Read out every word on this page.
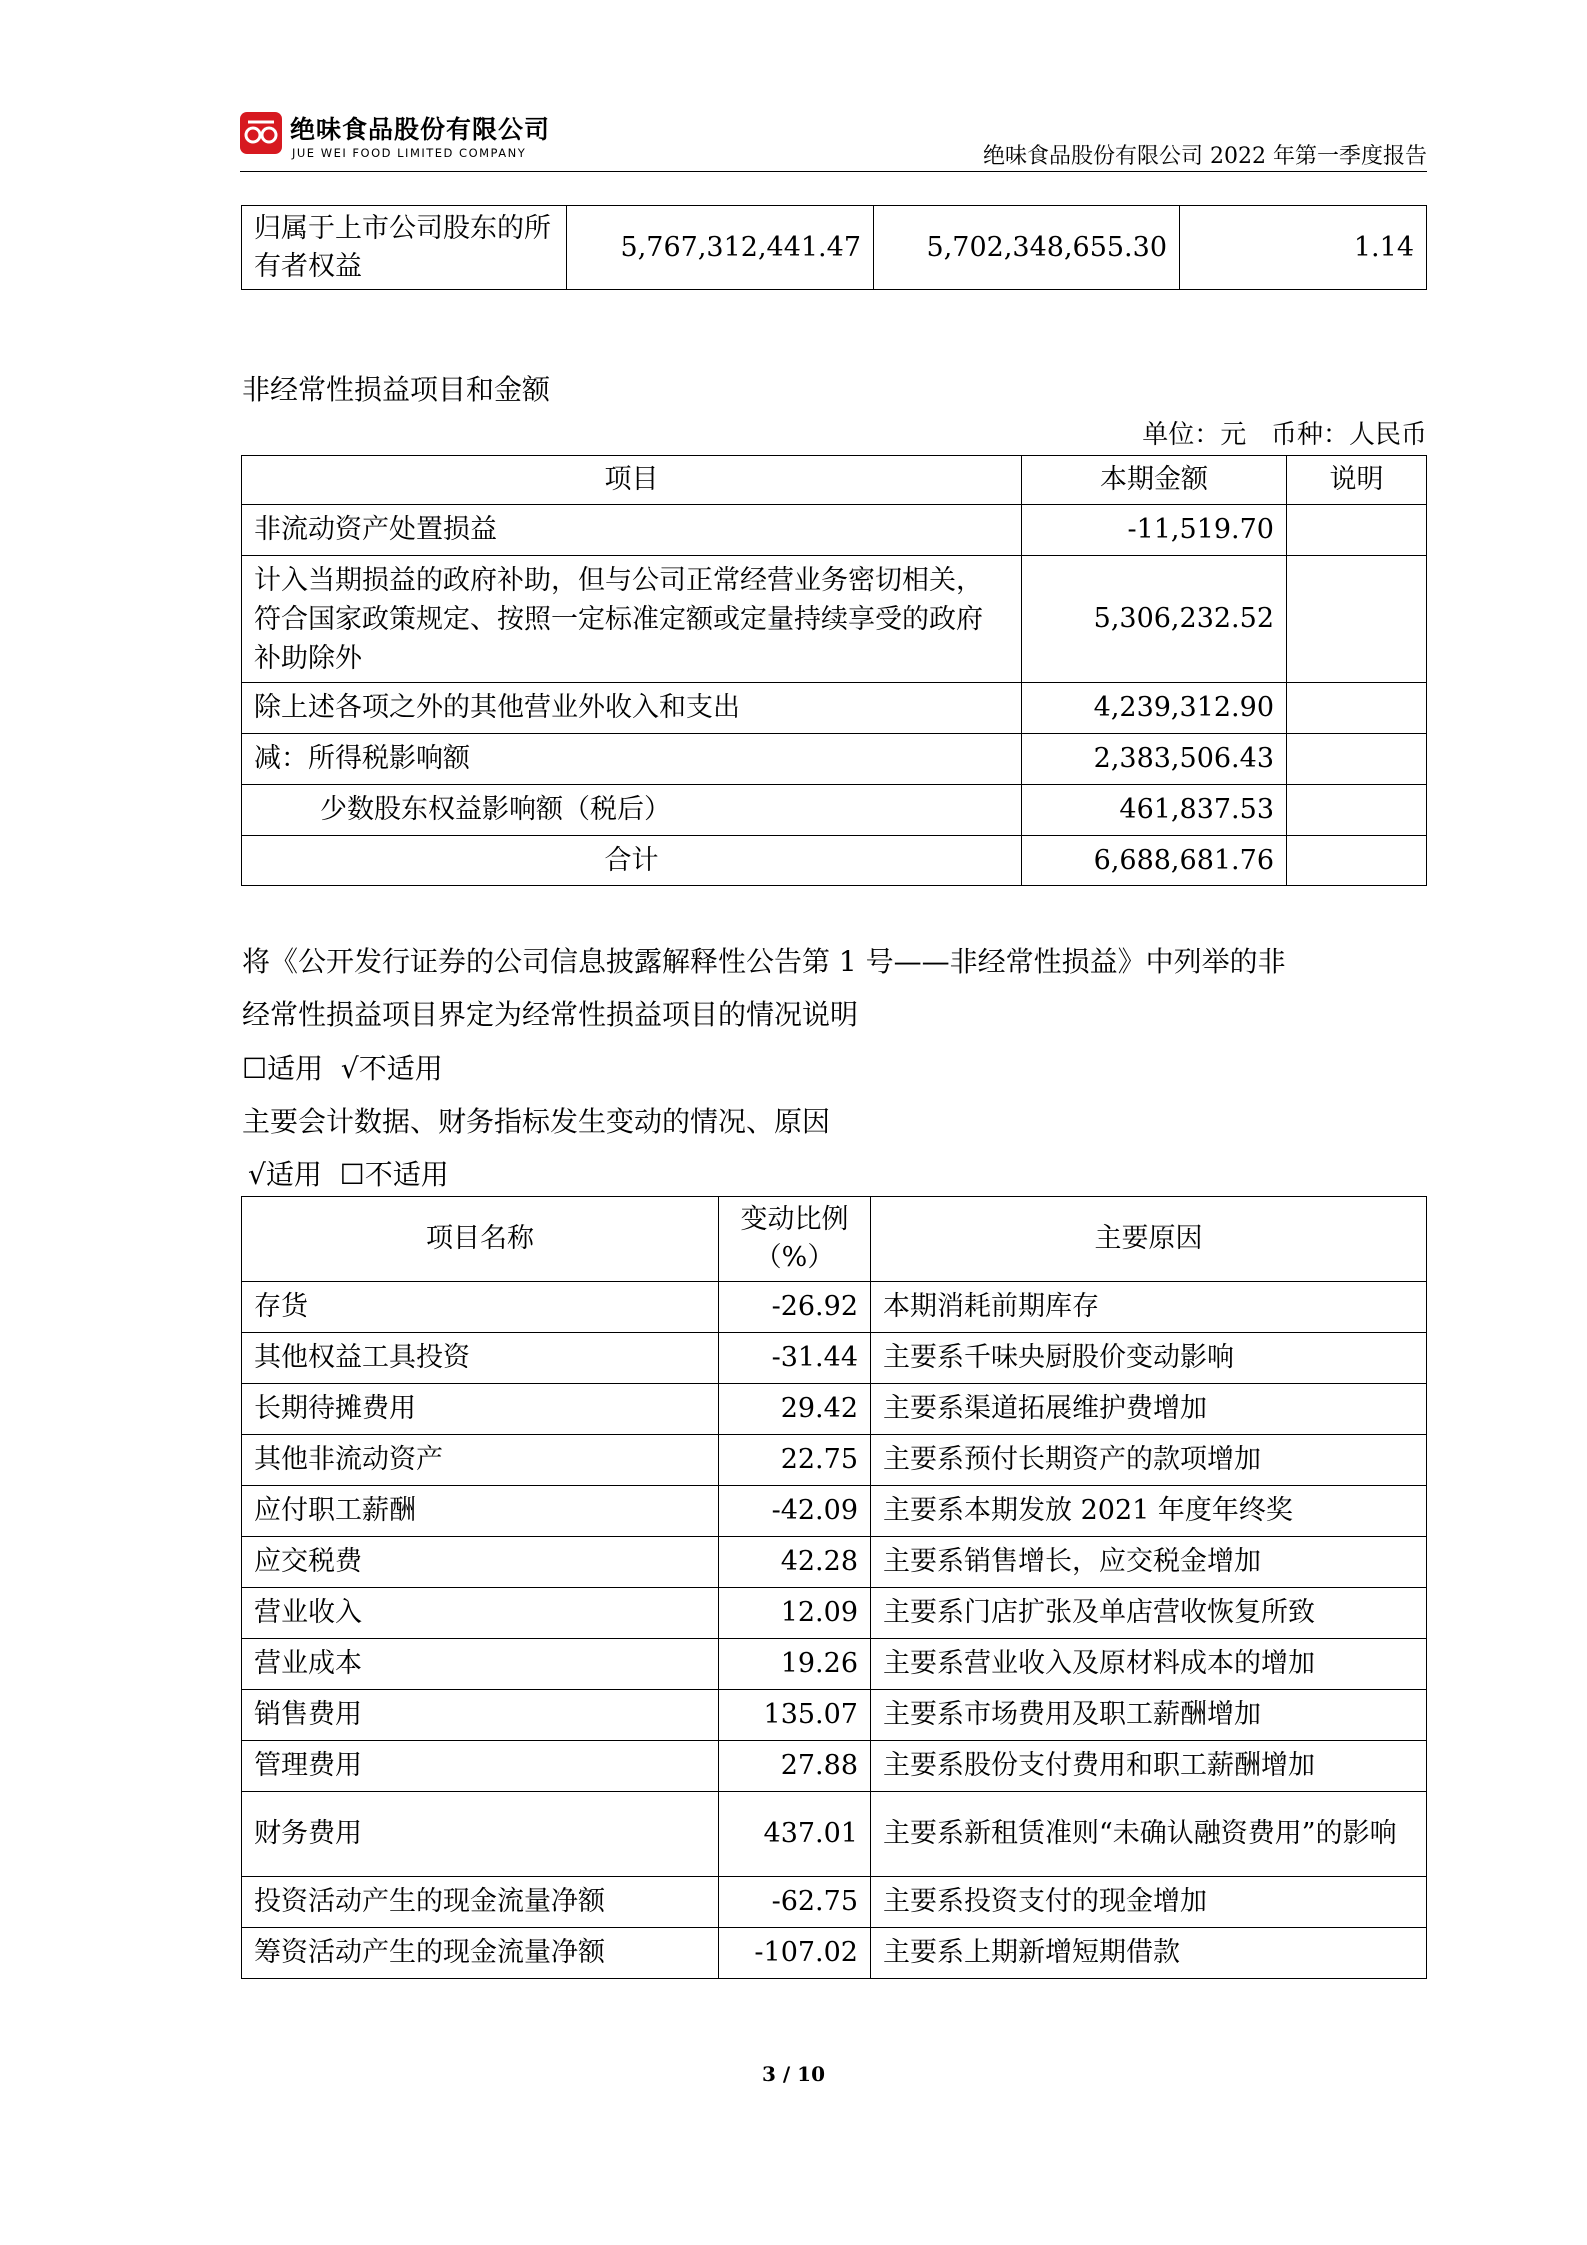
绝味食品股份有限公司
JUE WEI FOOD LIMITED COMPANY	绝味食品股份有限公司 2022 年第一季度报告
归属于上市公司股东的所有者权益	5,767,312,441.47	5,702,348,655.30	1.14
非经常性损益项目和金额
单位：元   币种：人民币
项目	本期金额	说明
非流动资产处置损益	-11,519.70	
计入当期损益的政府补助，但与公司正常经营业务密切相关，符合国家政策规定、按照一定标准定额或定量持续享受的政府补助除外	5,306,232.52	
除上述各项之外的其他营业外收入和支出	4,239,312.90	
减：所得税影响额	2,383,506.43	
少数股东权益影响额（税后）	461,837.53	
合计	6,688,681.76	
将《公开发行证券的公司信息披露解释性公告第 1 号——非经常性损益》中列举的非
经常性损益项目界定为经常性损益项目的情况说明
☐适用  √不适用
主要会计数据、财务指标发生变动的情况、原因
√适用  ☐不适用
项目名称	变动比例（%）	主要原因
存货	-26.92	本期消耗前期库存
其他权益工具投资	-31.44	主要系千味央厨股价变动影响
长期待摊费用	29.42	主要系渠道拓展维护费增加
其他非流动资产	22.75	主要系预付长期资产的款项增加
应付职工薪酬	-42.09	主要系本期发放 2021 年度年终奖
应交税费	42.28	主要系销售增长，应交税金增加
营业收入	12.09	主要系门店扩张及单店营收恢复所致
营业成本	19.26	主要系营业收入及原材料成本的增加
销售费用	135.07	主要系市场费用及职工薪酬增加
管理费用	27.88	主要系股份支付费用和职工薪酬增加
财务费用	437.01	主要系新租赁准则“未确认融资费用”的影响
投资活动产生的现金流量净额	-62.75	主要系投资支付的现金增加
筹资活动产生的现金流量净额	-107.02	主要系上期新增短期借款
3 / 10
